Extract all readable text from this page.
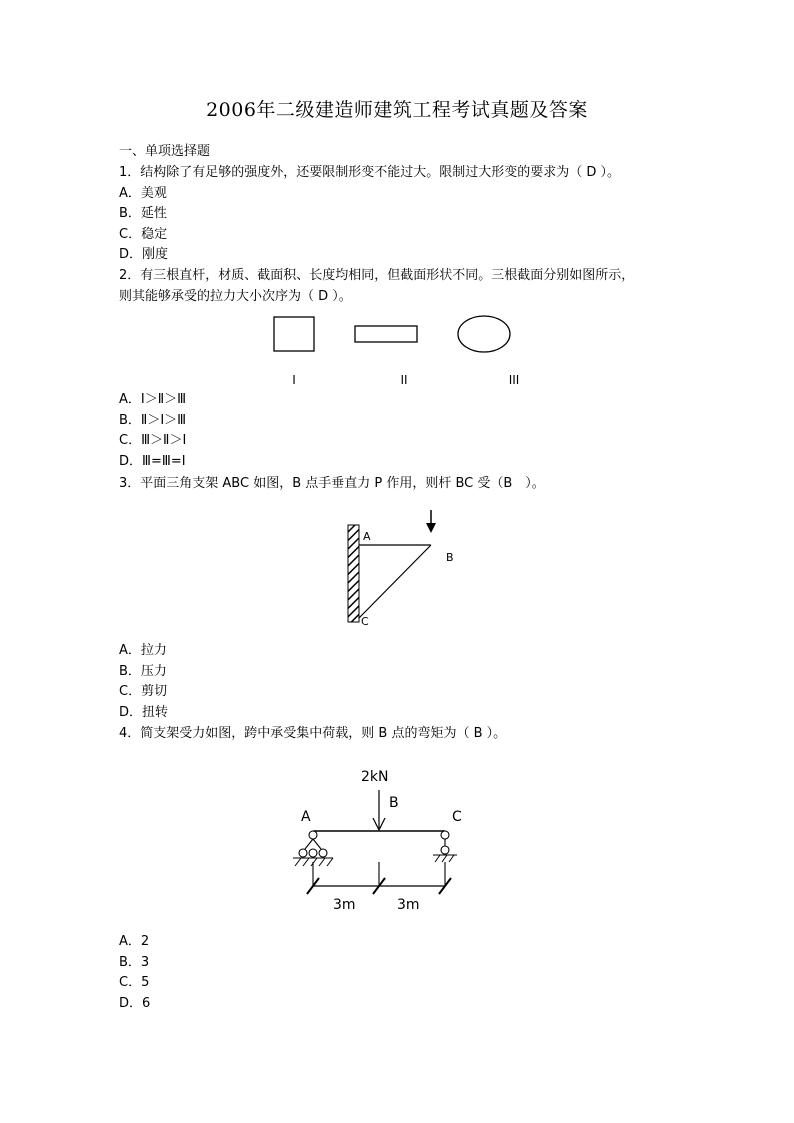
2006年二级建造师建筑工程考试真题及答案
一、单项选择题
1．结构除了有足够的强度外，还要限制形变不能过大。限制过大形变的要求为（ D ）。
A．美观
B．延性
C．稳定
D．刚度
2．有三根直杆，材质、截面积、长度均相同，但截面形状不同。三根截面分别如图所示，
则其能够承受的拉力大小次序为（ D ）。
I	II	III
A．Ⅰ＞Ⅱ＞Ⅲ
B．Ⅱ＞Ⅰ＞Ⅲ
C．Ⅲ＞Ⅱ＞Ⅰ
D．Ⅲ=Ⅲ=Ⅰ
3．平面三角支架 ABC 如图，B 点手垂直力 P 作用，则杆 BC 受（B　）。
A
B
C
A．拉力
B．压力
C．剪切
D．扭转
4．简支架受力如图，跨中承受集中荷载，则 B 点的弯矩为（ B ）。
2kN
B
A	C
3m	3m
A．2
B．3
C．5
D．6
